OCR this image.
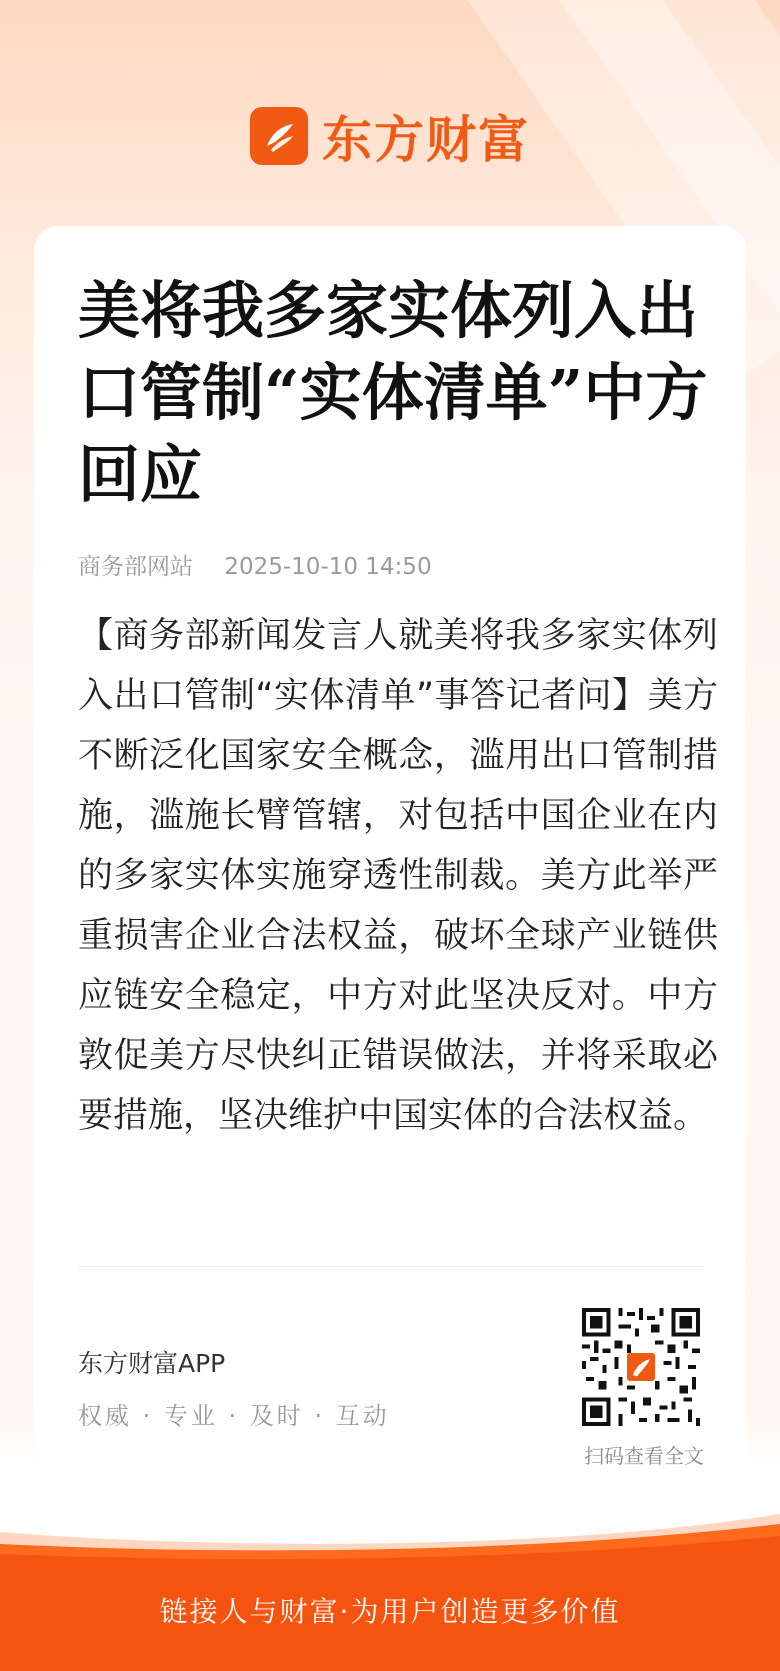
东方财富
美将我多家实体列入出口管制“实体清单”中方回应
商务部网站 2025-10-10 14:50

【商务部新闻发言人就美将我多家实体列入出口管制“实体清单”事答记者问】美方不断泛化国家安全概念，滥用出口管制措施，滥施长臂管辖，对包括中国企业在内的多家实体实施穿透性制裁。美方此举严重损害企业合法权益，破坏全球产业链供应链安全稳定，中方对此坚决反对。中方敦促美方尽快纠正错误做法，并将采取必要措施，坚决维护中国实体的合法权益。

东方财富APP
权威 · 专业 · 及时 · 互动
扫码查看全文
链接人与财富·为用户创造更多价值
